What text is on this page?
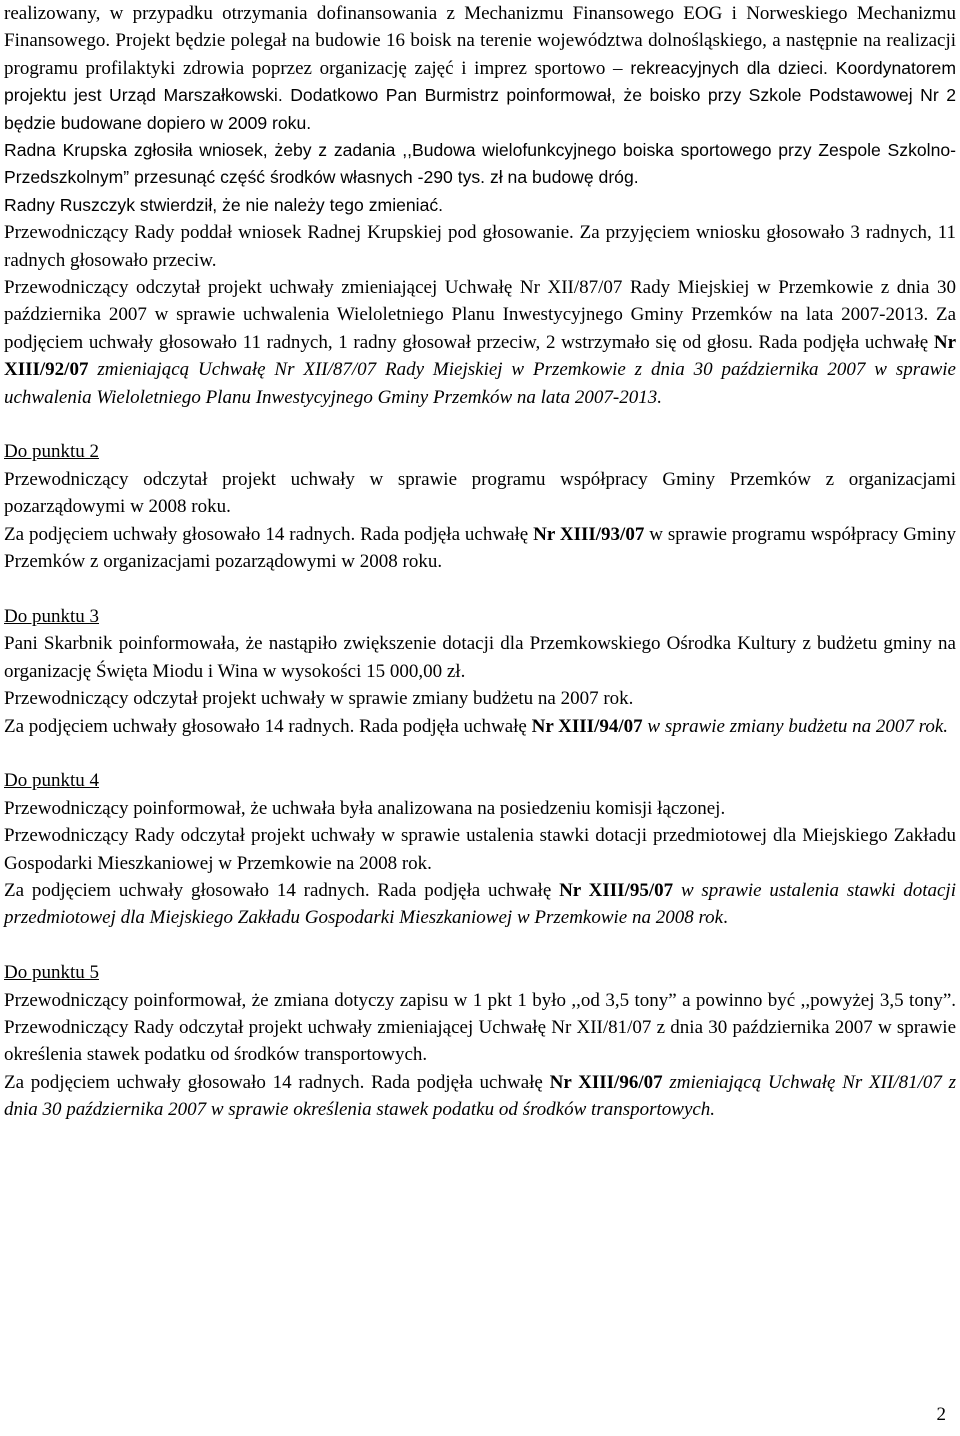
realizowany, w przypadku otrzymania dofinansowania z Mechanizmu Finansowego EOG i Norweskiego Mechanizmu Finansowego. Projekt będzie polegał na budowie 16 boisk na terenie województwa dolnośląskiego, a następnie na realizacji programu profilaktyki zdrowia poprzez organizację zajęć i imprez sportowo – rekreacyjnych dla dzieci. Koordynatorem projektu jest Urząd Marszałkowski. Dodatkowo Pan Burmistrz poinformował, że boisko przy Szkole Podstawowej Nr 2 będzie budowane dopiero w 2009 roku.

Radna Krupska zgłosiła wniosek, żeby z zadania ,,Budowa wielofunkcyjnego boiska sportowego przy Zespole Szkolno-Przedszkolnym” przesunąć część środków własnych -290 tys. zł na budowę dróg.

Radny Ruszczyk stwierdził, że nie należy tego zmieniać.

Przewodniczący Rady poddał wniosek Radnej Krupskiej pod głosowanie. Za przyjęciem wniosku głosowało 3 radnych, 11 radnych głosowało przeciw.

Przewodniczący odczytał projekt uchwały zmieniającej Uchwałę Nr XII/87/07 Rady Miejskiej w Przemkowie z dnia 30 października 2007 w sprawie uchwalenia Wieloletniego Planu Inwestycyjnego Gminy Przemków na lata 2007-2013. Za podjęciem uchwały głosowało 11 radnych, 1 radny głosował przeciw, 2 wstrzymało się od głosu. Rada podjęła uchwałę Nr XIII/92/07 zmieniającą Uchwałę Nr XII/87/07 Rady Miejskiej w Przemkowie z dnia 30 października 2007 w sprawie uchwalenia Wieloletniego Planu Inwestycyjnego Gminy Przemków na lata 2007-2013.

Do punktu 2

Przewodniczący odczytał projekt uchwały w sprawie programu współpracy Gminy Przemków z organizacjami pozarządowymi w 2008 roku.

Za podjęciem uchwały głosowało 14 radnych. Rada podjęła uchwałę Nr XIII/93/07 w sprawie programu współpracy Gminy Przemków z organizacjami pozarządowymi w 2008 roku.

Do punktu 3

Pani Skarbnik poinformowała, że nastąpiło zwiększenie dotacji dla Przemkowskiego Ośrodka Kultury z budżetu gminy na organizację Święta Miodu i Wina w wysokości 15 000,00 zł.

Przewodniczący odczytał projekt uchwały w sprawie zmiany budżetu na 2007 rok.

Za podjęciem uchwały głosowało 14 radnych. Rada podjęła uchwałę Nr XIII/94/07 w sprawie zmiany budżetu na 2007 rok.

Do punktu 4

Przewodniczący poinformował, że uchwała była analizowana na posiedzeniu komisji łączonej.

Przewodniczący Rady odczytał projekt uchwały w sprawie ustalenia stawki dotacji przedmiotowej dla Miejskiego Zakładu Gospodarki Mieszkaniowej w Przemkowie na 2008 rok.

Za podjęciem uchwały głosowało 14 radnych. Rada podjęła uchwałę Nr XIII/95/07 w sprawie ustalenia stawki dotacji przedmiotowej dla Miejskiego Zakładu Gospodarki Mieszkaniowej w Przemkowie na 2008 rok.

Do punktu 5

Przewodniczący poinformował, że zmiana dotyczy zapisu w 1 pkt 1 było ,,od 3,5 tony” a powinno być ,,powyżej 3,5 tony”. Przewodniczący Rady odczytał projekt uchwały zmieniającej Uchwałę Nr XII/81/07 z dnia 30 października 2007 w sprawie określenia stawek podatku od środków transportowych.

Za podjęciem uchwały głosowało 14 radnych. Rada podjęła uchwałę Nr XIII/96/07 zmieniającą Uchwałę Nr XII/81/07 z dnia 30 października 2007 w sprawie określenia stawek podatku od środków transportowych.

2
